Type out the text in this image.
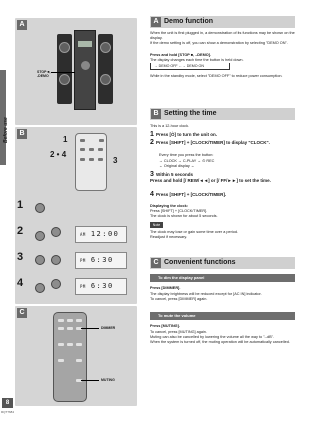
Before use
8
RQT7684
A
STOP ■,
-DEMO
B
1
2 • 4
3
1
2	AM 12:00
3	PM 6:30
4	PM 6:30
C
DIMMER
MUTING
A Demo function
When the unit is first plugged in, a demonstration of its functions may be shown on the display.
If the demo setting is off, you can show a demonstration by selecting "DEMO ON".
Press and hold [STOP ■, –DEMO].
The display changes each time the button is held down.
→ DEMO OFF ←→ DEMO ON
While in the standby mode, select "DEMO OFF" to reduce power consumption.
B Setting the time
This is a 12-hour clock.
1 Press [Ò] to turn the unit on.
2 Press [SHIFT] + [CLOCK/TIMER] to display "CLOCK".
Every time you press the button:
→ CLOCK → C-PLAY → ⊙ REC
← Original display ←
3 Within 5 seconds
Press and hold [/ REW/◄◄] or [/ FF/►►] to set the time.
4 Press [SHIFT] + [CLOCK/TIMER].
Displaying the clock:
Press [SHIFT] + [CLOCK/TIMER].
The clock is shown for about 5 seconds.
Note
The clock may lose or gain some time over a period.
Readjust if necessary.
C Convenient functions
To dim the display panel
Press [DIMMER].
The display brightness will be reduced except for [AC IN] indicator.
To cancel, press [DIMMER] again.
To mute the volume
Press [MUTING].
To cancel, press [MUTING] again.
Muting can also be cancelled by lowering the volume all the way to "--dB".
When the system is turned off, the muting operation will be automatically cancelled.
